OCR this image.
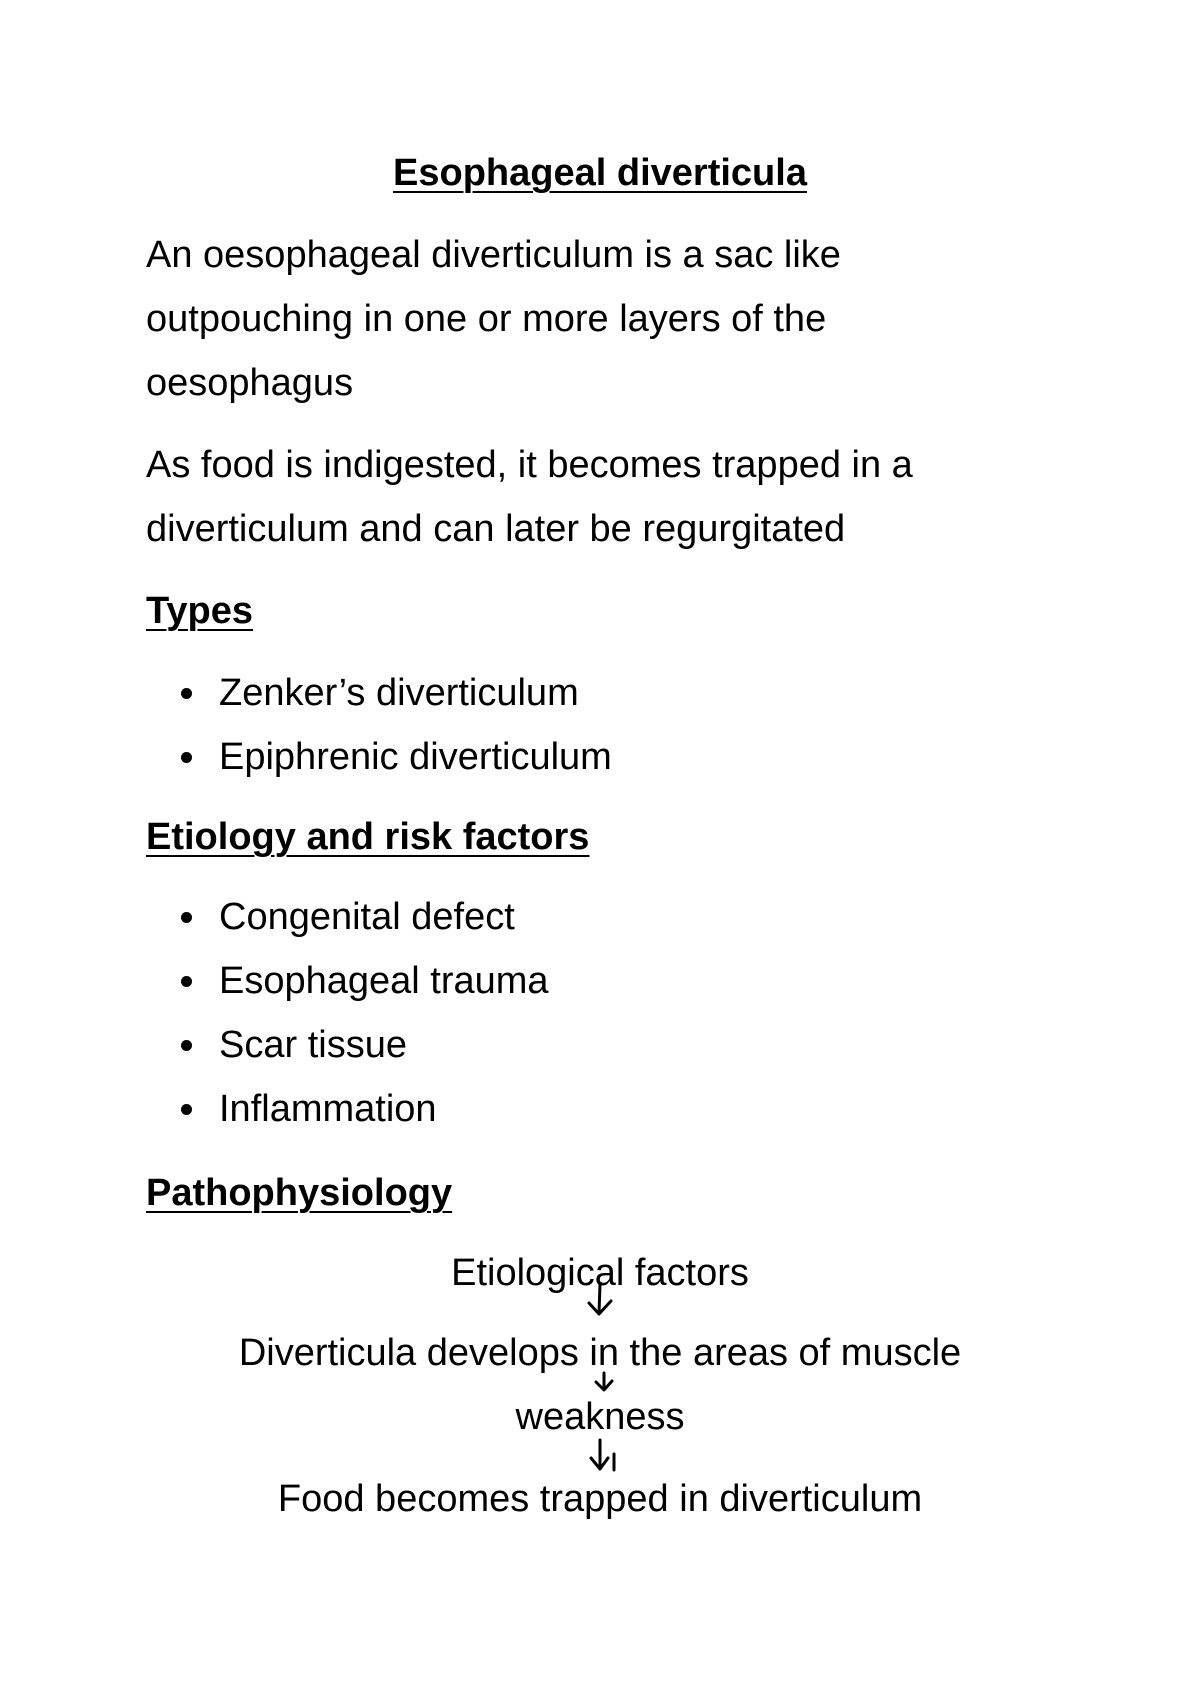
Esophageal diverticula

An oesophageal diverticulum is a sac like

outpouching in one or more layers of the

oesophagus

As food is indigested, it becomes trapped in a

diverticulum and can later be regurgitated

Types
Zenker’s diverticulum
Epiphrenic diverticulum
Etiology and risk factors
Congenital defect
Esophageal trauma
Scar tissue
Inflammation
Pathophysiology

Etiological factors

Diverticula develops in the areas of muscle

weakness

Food becomes trapped in diverticulum
